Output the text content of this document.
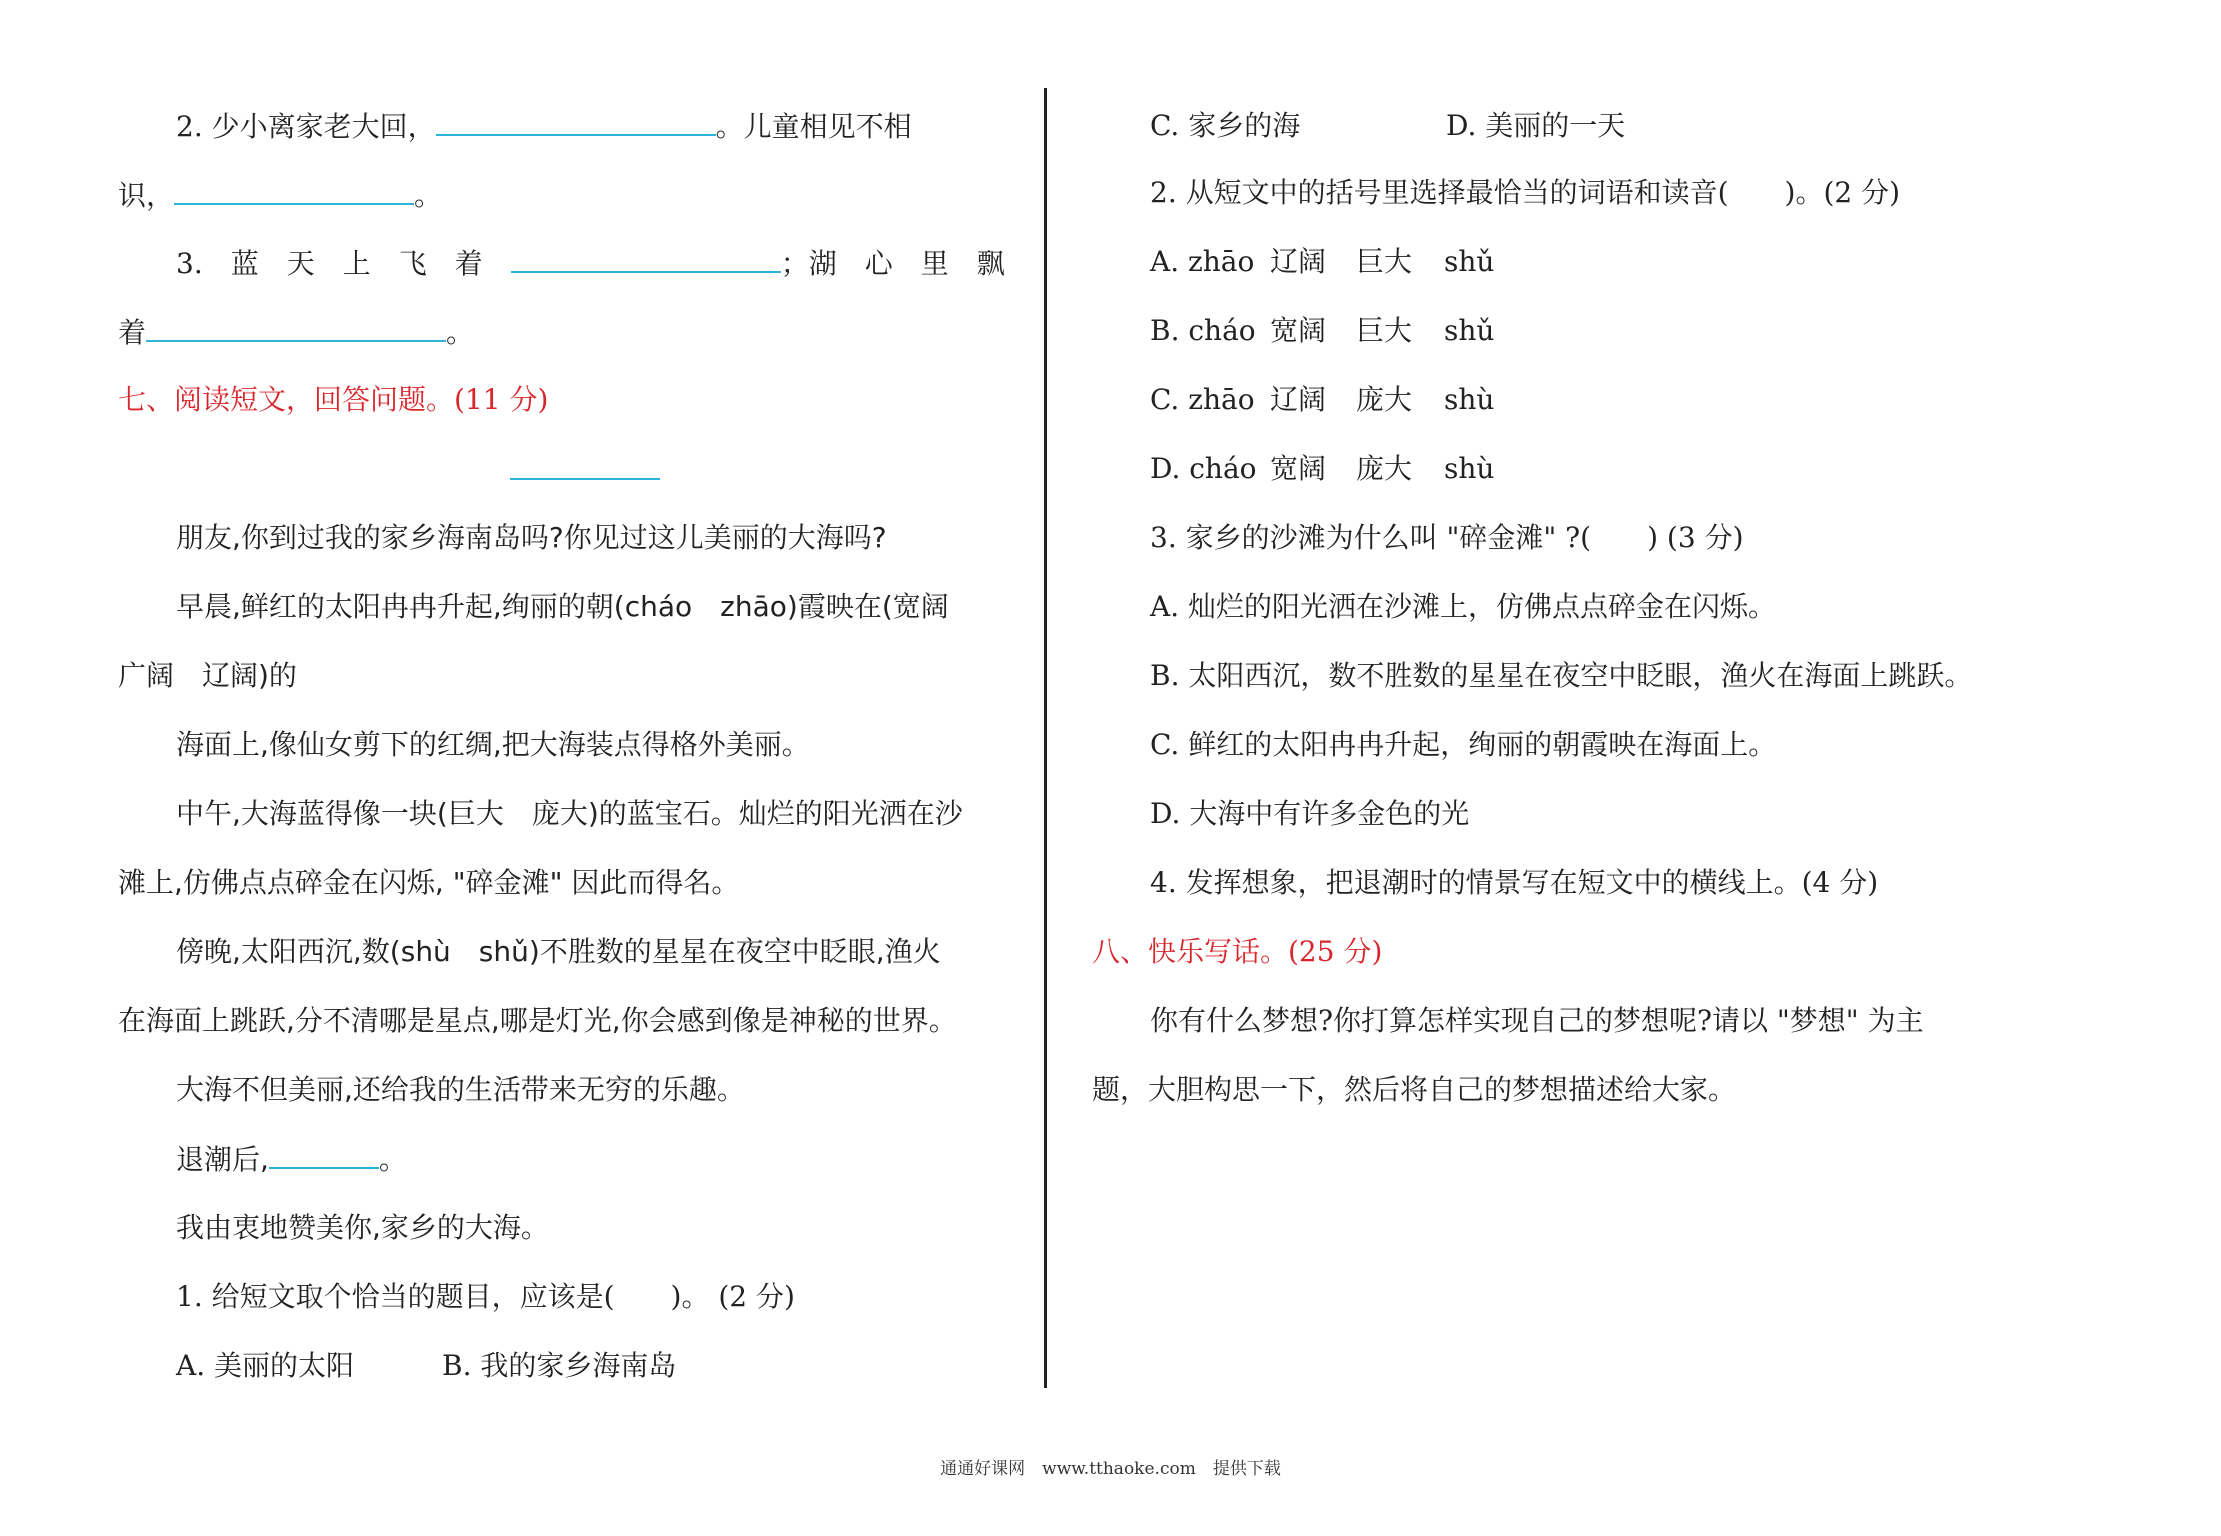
2. 少小离家老大回，	。儿童相见不相
识，	。
3.　蓝　天　上　飞　着　	；湖　心　里　飘
着	。
七、阅读短文，回答问题。(11 分)
朋友,你到过我的家乡海南岛吗?你见过这儿美丽的大海吗?
早晨,鲜红的太阳冉冉升起,绚丽的朝(cháo　zhāo)霞映在(宽阔
广阔　辽阔)的
海面上,像仙女剪下的红绸,把大海装点得格外美丽。
中午,大海蓝得像一块(巨大　庞大)的蓝宝石。灿烂的阳光洒在沙
滩上,仿佛点点碎金在闪烁, "碎金滩" 因此而得名。
傍晚,太阳西沉,数(shù　shǔ)不胜数的星星在夜空中眨眼,渔火
在海面上跳跃,分不清哪是星点,哪是灯光,你会感到像是神秘的世界。
大海不但美丽,还给我的生活带来无穷的乐趣。
退潮后,	。
我由衷地赞美你,家乡的大海。
1. 给短文取个恰当的题目，应该是(　　)。 (2 分)
A. 美丽的太阳	B. 我的家乡海南岛
C. 家乡的海	D. 美丽的一天
2. 从短文中的括号里选择最恰当的词语和读音(　　)。(2 分)
A. zhāo 辽阔 巨大 shǔ
B. cháo 宽阔 巨大 shǔ
C. zhāo 辽阔 庞大 shù
D. cháo 宽阔 庞大 shù
3. 家乡的沙滩为什么叫 "碎金滩" ?(　　) (3 分)
A. 灿烂的阳光洒在沙滩上，仿佛点点碎金在闪烁。
B. 太阳西沉，数不胜数的星星在夜空中眨眼，渔火在海面上跳跃。
C. 鲜红的太阳冉冉升起，绚丽的朝霞映在海面上。
D. 大海中有许多金色的光
4. 发挥想象，把退潮时的情景写在短文中的横线上。(4 分)
八、快乐写话。(25 分)
你有什么梦想?你打算怎样实现自己的梦想呢?请以 "梦想" 为主
题，大胆构思一下，然后将自己的梦想描述给大家。
通通好课网　www.tthaoke.com　提供下载
